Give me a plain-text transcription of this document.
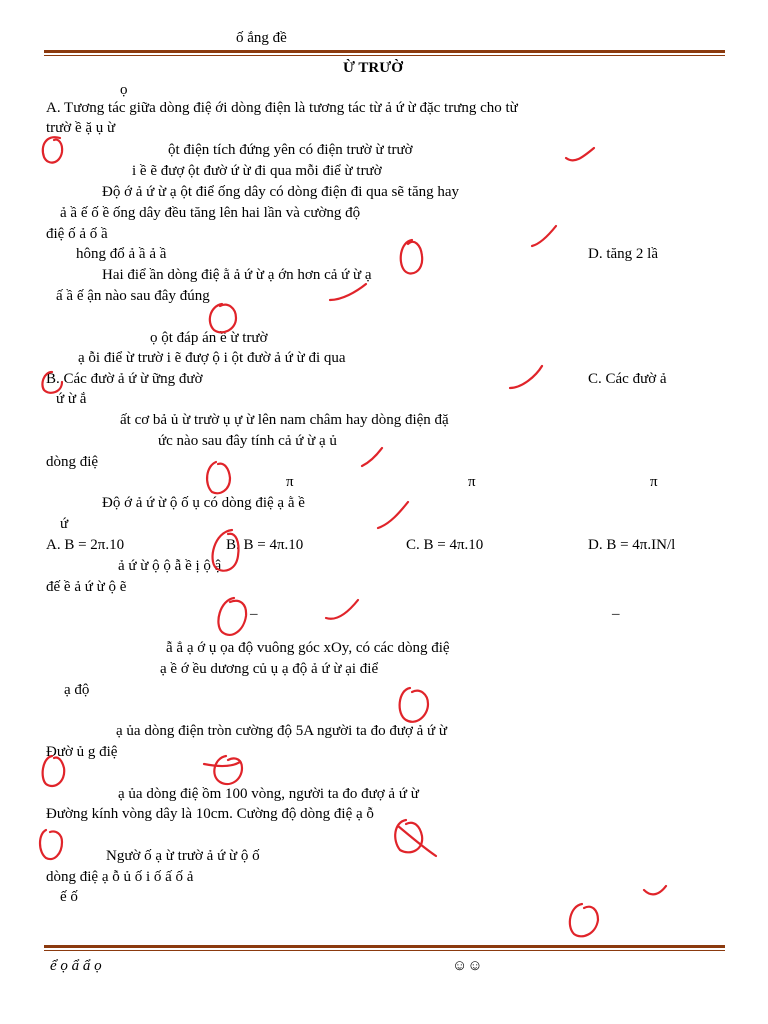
ố ắng đề
Ừ TRƯỜ
ọ
A. Tương tác giữa dòng điệ ới dòng điện là tương tác từ ả ứ ừ đặc trưng cho từ
trườ ề ặ ụ ừ
ột điện tích đứng yên có điện trườ ừ trườ
i ề ẽ đượ ột đườ ứ ừ đi qua mỗi điể ừ trườ
Độ ớ ả ứ ừ ạ ột điể ống dây có dòng điện đi qua sẽ tăng hay
ả ầ ế ố ề ống dây đều tăng lên hai lần và cường độ
điệ ố ả ố ầ
hông đổ ả ầ ả ầ	D. tăng 2 lầ
Hai điể ần dòng điệ ằ ả ứ ừ ạ ớn hơn cả ứ ừ ạ
ấ ầ ế ận nào sau đây đúng
ọ ột đáp án ề ừ trườ
ạ ỗi điể ừ trườ i ẽ đượ ộ i ột đườ ả ứ ừ đi qua
B. Các đườ ả ứ ừ ững đườ	C. Các đườ ả
ứ ừ ắ
ất cơ bả ủ ừ trườ ụ ự ừ lên nam châm hay dòng điện đặ
ức nào sau đây tính cả ứ ừ ạ ủ
dòng điệ
π	π	π
Độ ớ ả ứ ừ ộ ố ụ có dòng điệ ạ ằ ề
ứ
A. B = 2π.10	B. B = 4π.10	C. B = 4π.10	D. B = 4π.IN/l
ả ứ ừ ộ ộ ẫ ề ị ộ ậ
đế ề ả ứ ừ ộ ẽ
–	–
ẫ ẳ ạ ớ ụ ọa độ vuông góc xOy, có các dòng điệ
ạ ề ớ ều dương củ ụ ạ độ ả ứ ừ ại điể
ạ độ
ạ ủa dòng điện tròn cường độ 5A người ta đo đượ ả ứ ừ
Đườ ủ g điệ
ạ ủa dòng điệ ồm 100 vòng, người ta đo đượ ả ứ ừ
Đường kính vòng dây là 10cm. Cường độ dòng điệ ạ ỗ
Ngườ ố ạ ừ trườ ả ứ ừ ộ ố
dòng điệ ạ ỗ ủ ố i ố ấ ố ả
ế ố
ể ọ ẩ ẩ ọ	☺☺
